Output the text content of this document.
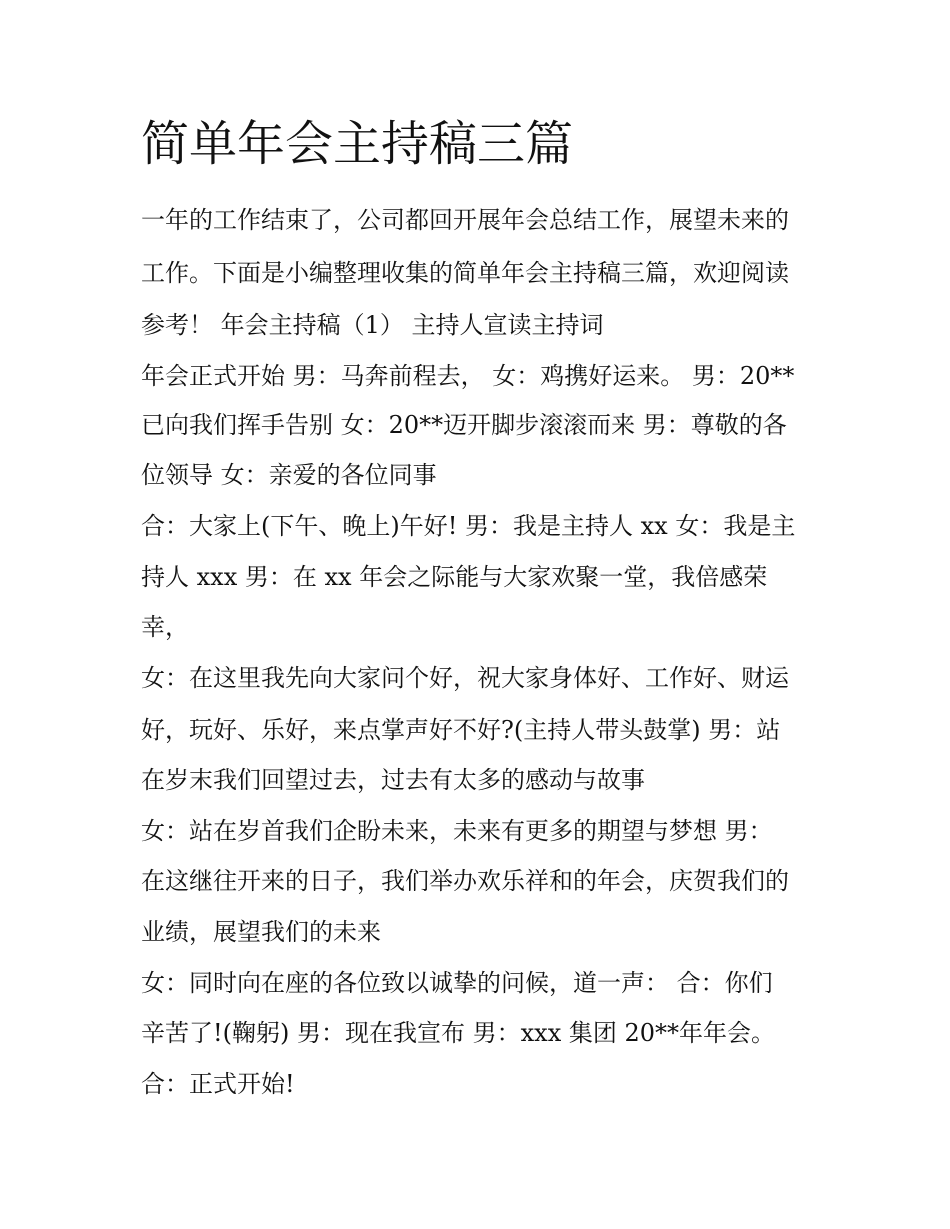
简单年会主持稿三篇
一年的工作结束了，公司都回开展年会总结工作，展望未来的
工作。下面是小编整理收集的简单年会主持稿三篇，欢迎阅读
参考！ 年会主持稿（1） 主持人宣读主持词
年会正式开始 男：马奔前程去， 女：鸡携好运来。 男：20**
已向我们挥手告别 女：20**迈开脚步滚滚而来 男：尊敬的各
位领导 女：亲爱的各位同事
合：大家上(下午、晚上)午好! 男：我是主持人 xx 女：我是主
持人 xxx 男：在 xx 年会之际能与大家欢聚一堂，我倍感荣
幸，
女：在这里我先向大家问个好，祝大家身体好、工作好、财运
好，玩好、乐好，来点掌声好不好?(主持人带头鼓掌) 男：站
在岁末我们回望过去，过去有太多的感动与故事
女：站在岁首我们企盼未来，未来有更多的期望与梦想 男：
在这继往开来的日子，我们举办欢乐祥和的年会，庆贺我们的
业绩，展望我们的未来
女：同时向在座的各位致以诚挚的问候，道一声： 合：你们
辛苦了!(鞠躬) 男：现在我宣布 男：xxx 集团 20**年年会。
合：正式开始!
